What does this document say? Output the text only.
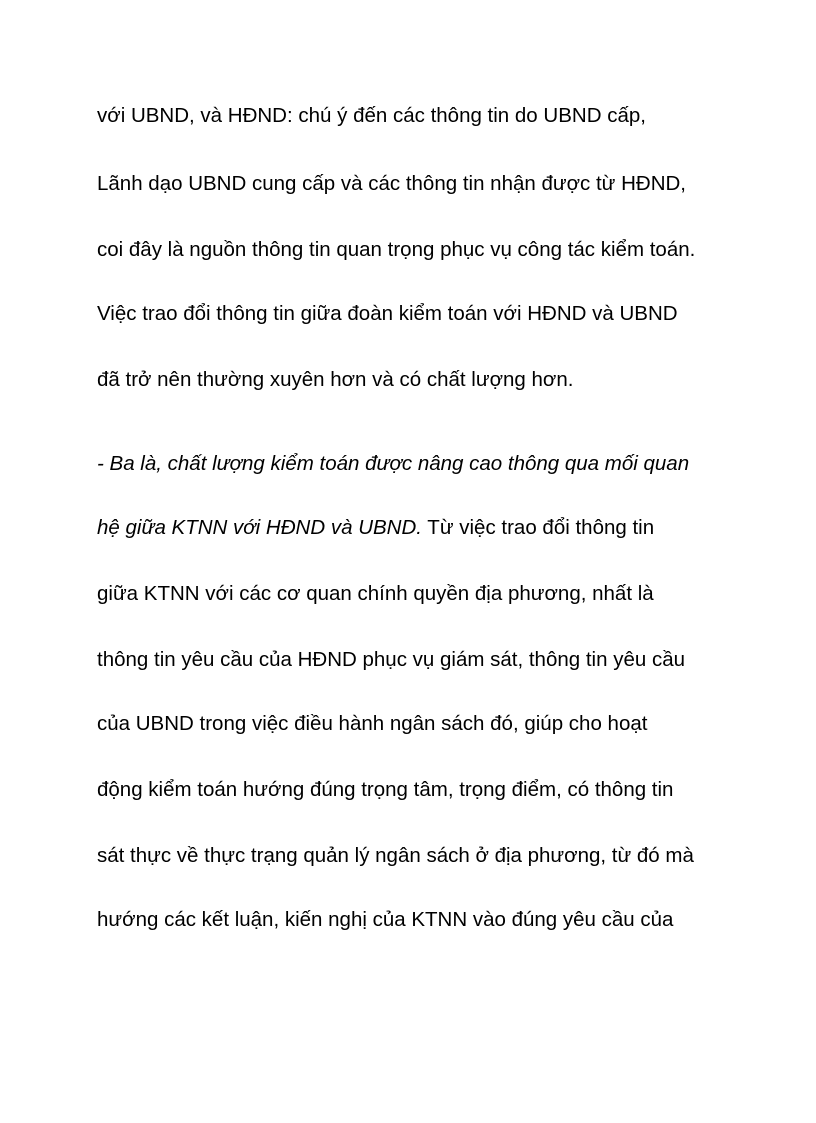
với UBND, và HĐND: chú ý đến các thông tin do UBND cấp,
Lãnh dạo UBND cung cấp và các thông tin nhận được từ HĐND,
coi đây là nguồn thông tin quan trọng phục vụ công tác kiểm toán.
Việc trao đổi thông tin giữa đoàn kiểm toán với HĐND và UBND
đã trở nên thường xuyên hơn và có chất lượng hơn.
- Ba là, chất lượng kiểm toán được nâng cao thông qua mối quan
hệ giữa KTNN với HĐND và UBND. Từ việc trao đổi thông tin
giữa KTNN với các cơ quan chính quyền địa phương, nhất là
thông tin yêu cầu của HĐND phục vụ giám sát, thông tin yêu cầu
của UBND trong việc điều hành ngân sách đó, giúp cho hoạt
động kiểm toán hướng đúng trọng tâm, trọng điểm, có thông tin
sát thực về thực trạng quản lý ngân sách ở địa phương, từ đó mà
hướng các kết luận, kiến nghị của KTNN vào đúng yêu cầu của
